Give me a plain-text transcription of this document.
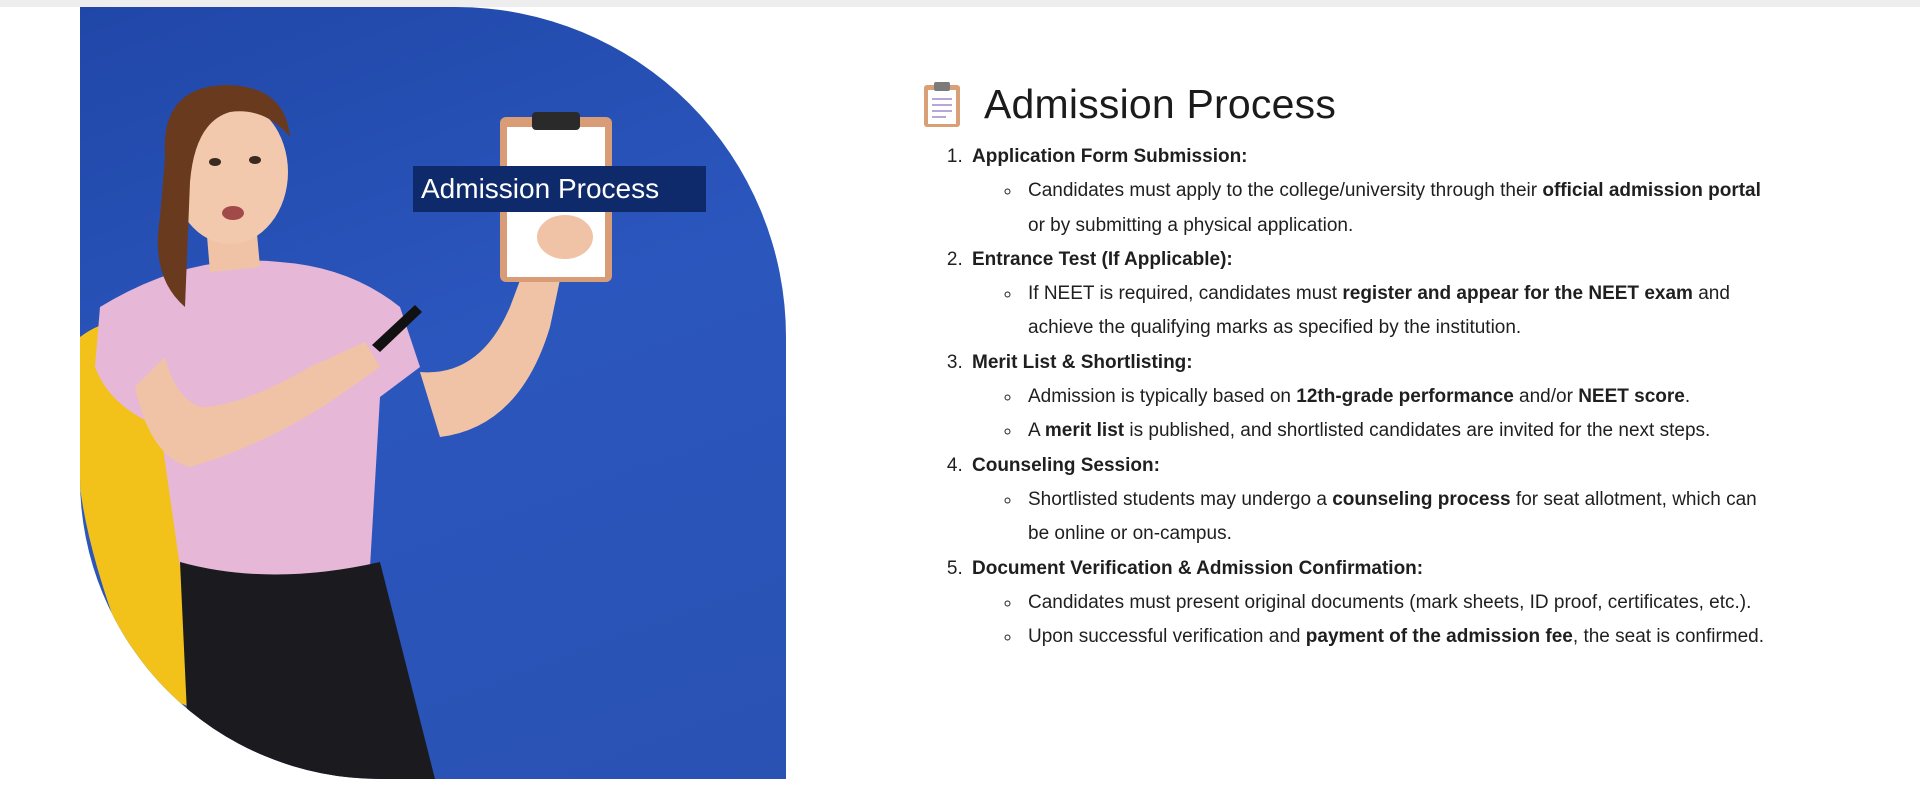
Admission Process
Admission Process
1. Application Form Submission:
◦ Candidates must apply to the college/university through their official admission portal or by submitting a physical application.
2. Entrance Test (If Applicable):
◦ If NEET is required, candidates must register and appear for the NEET exam and achieve the qualifying marks as specified by the institution.
3. Merit List & Shortlisting:
◦ Admission is typically based on 12th-grade performance and/or NEET score.
◦ A merit list is published, and shortlisted candidates are invited for the next steps.
4. Counseling Session:
◦ Shortlisted students may undergo a counseling process for seat allotment, which can be online or on-campus.
5. Document Verification & Admission Confirmation:
◦ Candidates must present original documents (mark sheets, ID proof, certificates, etc.).
◦ Upon successful verification and payment of the admission fee, the seat is confirmed.
